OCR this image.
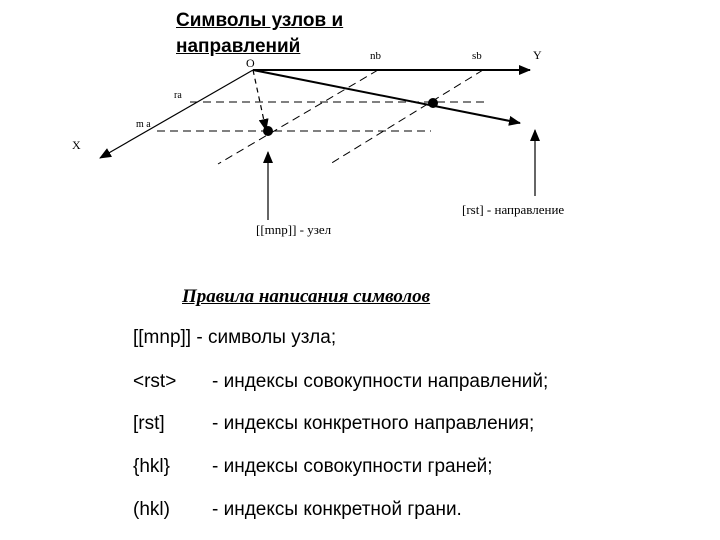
Символы узлов и
направлений
O
X
Y
nb	sb
ra
m a
[rst] - направление
[[mnp]] - узел
Правила написания символов
[[mnp]] - символы узла;
<rst> - индексы совокупности направлений;
[rst] - индексы конкретного направления;
{hkl} - индексы совокупности граней;
(hkl) - индексы конкретной грани.
